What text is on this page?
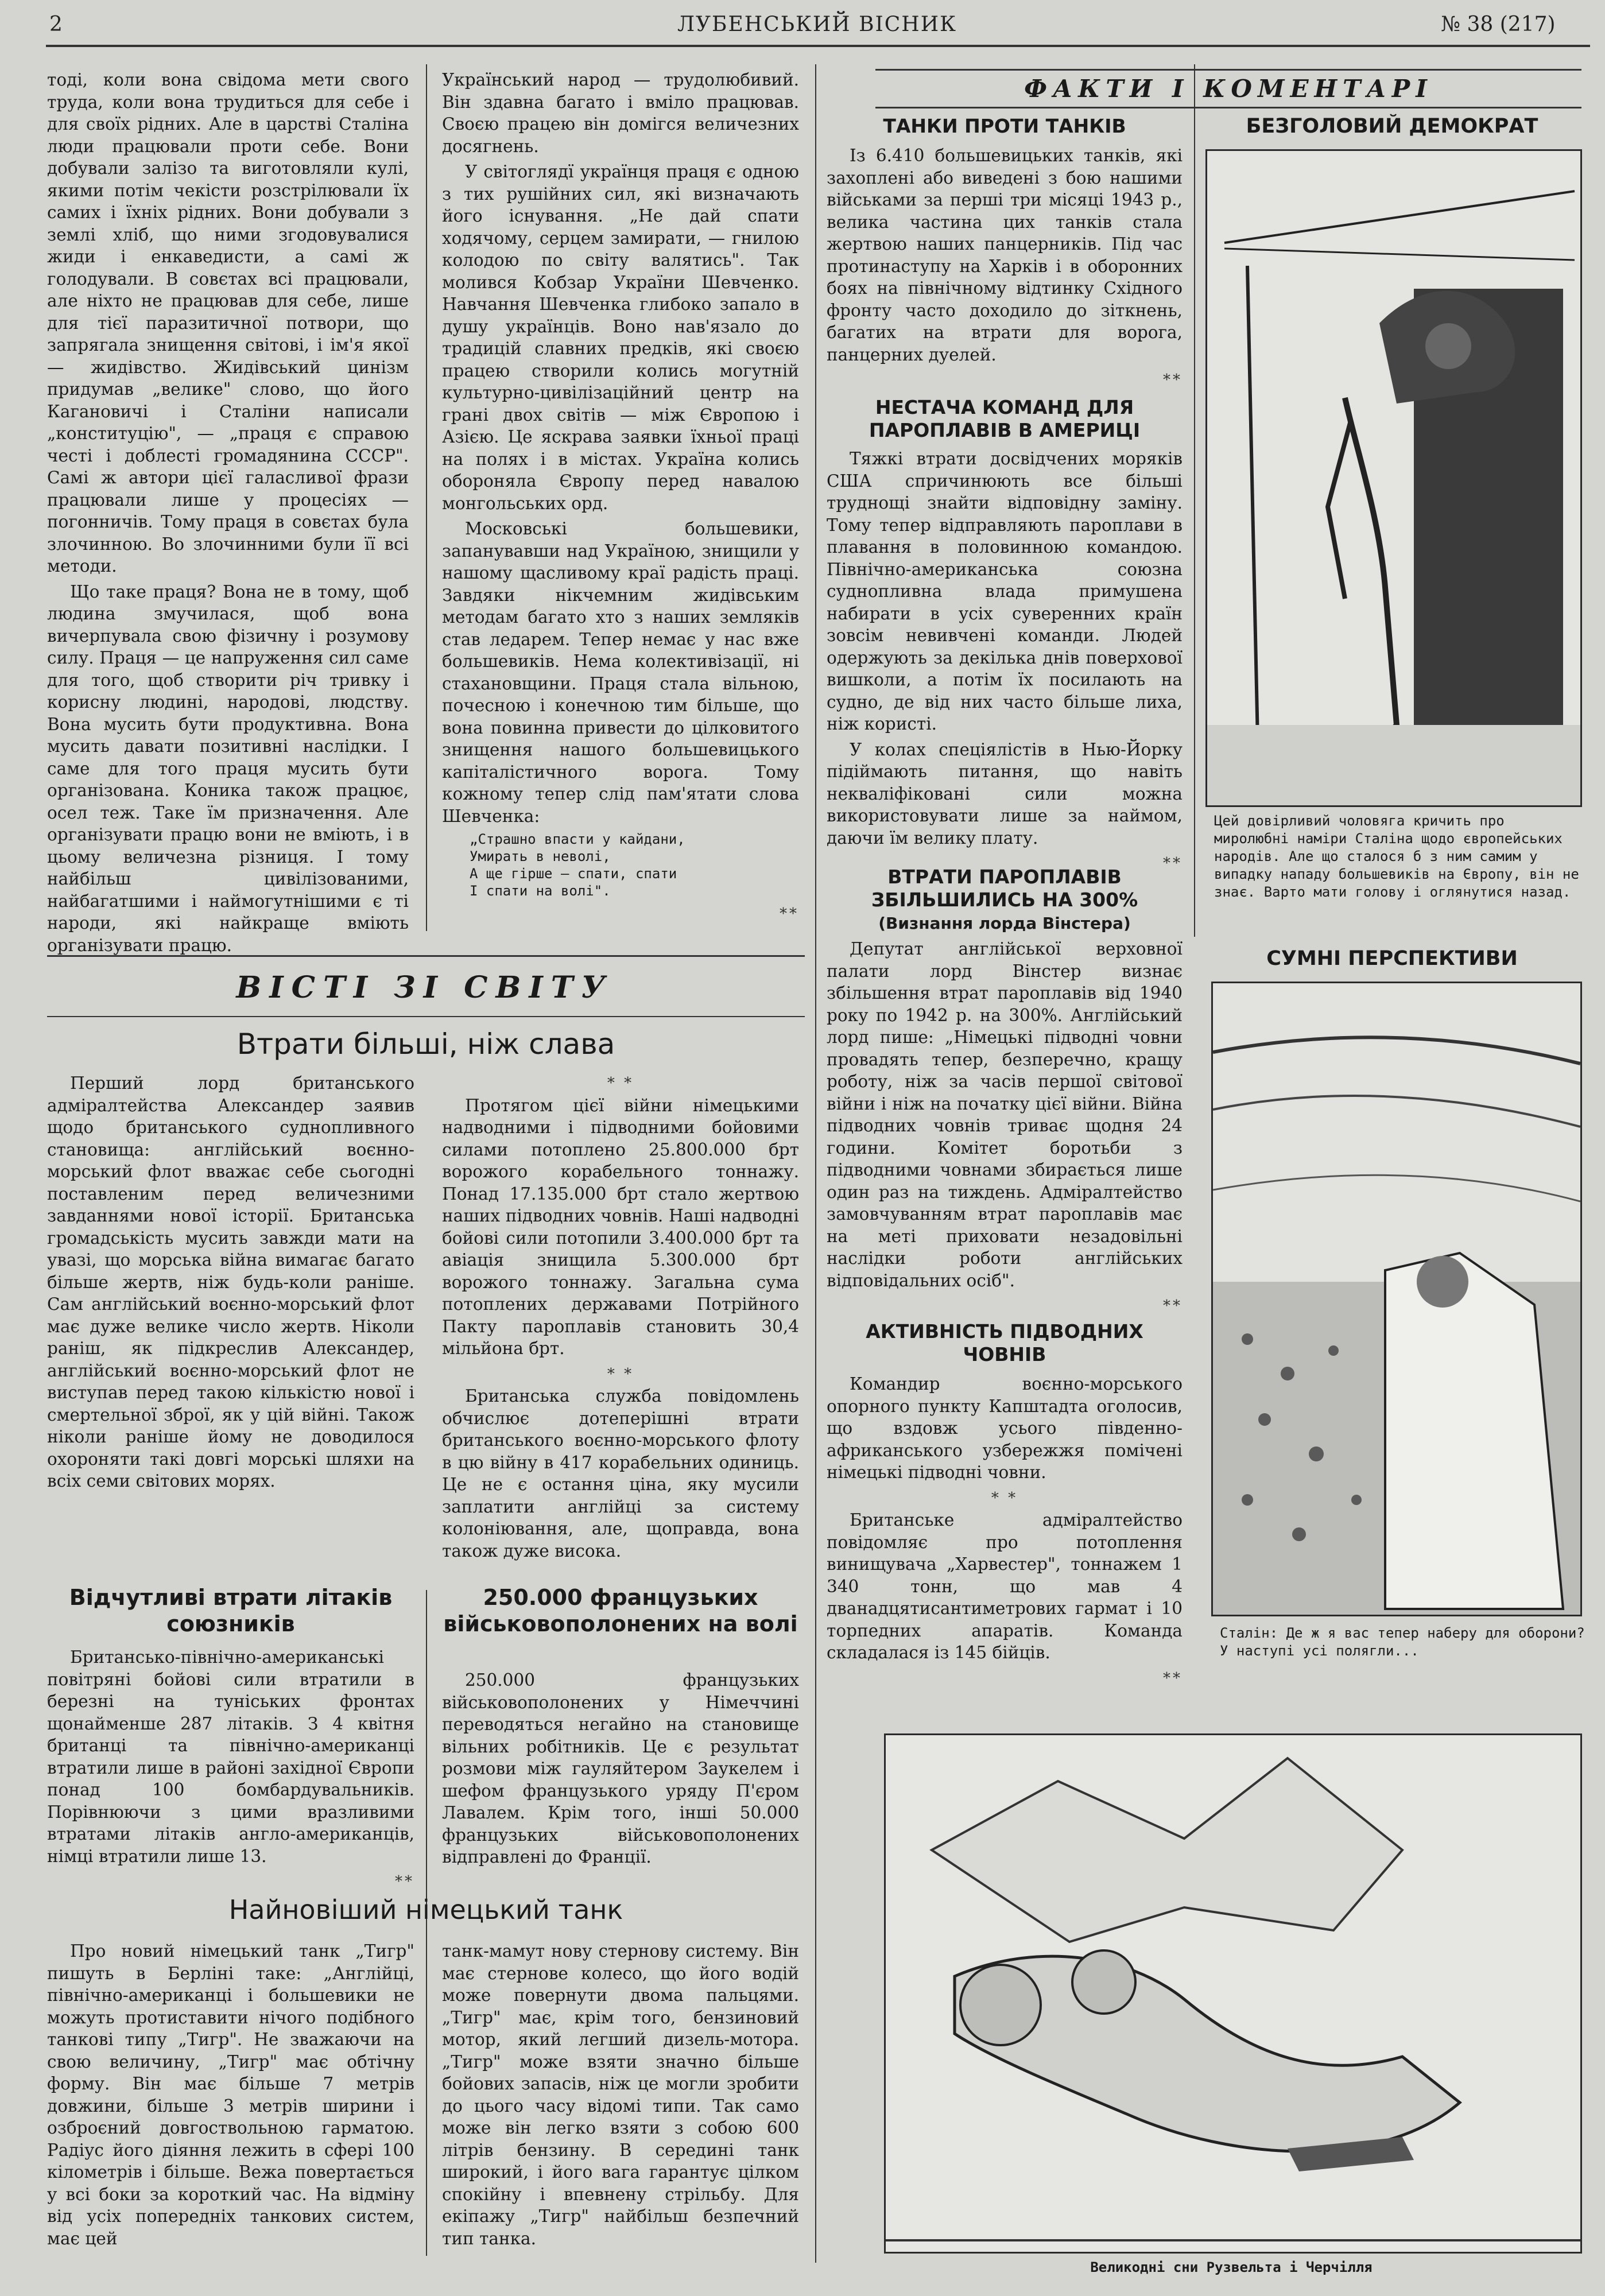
2	ЛУБЕНСЬКИЙ ВІСНИК	№ 38 (217)

тоді, коли вона свідома мети свого труда, коли вона трудиться для себе і для своїх рідних. Але в царстві Сталіна люди працювали проти себе. Вони добували залізо та виготовляли кулі, якими потім чекісти розстрілювали їх самих і їхніх рідних. Вони добували з землі хліб, що ними згодовувалися жиди і енкаведисти, а самі ж голодували. В совєтах всі працювали, але ніхто не працював для себе, лише для тієї паразитичної потвори, що запрягала знищення світові, і ім'я якої — жидівство. Жидівський цинізм придумав „велике" слово, що його Кагановичі і Сталіни написали „конституцію", — „праця є справою честі і доблесті громадянина СССР". Самі ж автори цієї галасливої фрази працювали лише у процесіях — погонничів. Тому праця в совєтах була злочинною. Во злочинними були її всі методи.

Що таке праця? Вона не в тому, щоб людина змучилася, щоб вона вичерпувала свою фізичну і розумову силу. Праця — це напруження сил саме для того, щоб створити річ тривку і корисну людині, народові, людству. Вона мусить бути продуктивна. Вона мусить давати позитивні наслідки. І саме для того праця мусить бути організована. Коника також працює, осел теж. Таке їм призначення. Але організувати працю вони не вміють, і в цьому величезна різниця. І тому найбільш цивілізованими, найбагатшими і наймогутнішими є ті народи, які найкраще вміють організувати працю.

Український народ — трудолюбивий. Він здавна багато і вміло працював. Своєю працею він домігся величезних досягнень.

У світоглядї українця праця є одною з тих рушійних сил, які визначають його існування. „Не дай спати ходячому, серцем замирати, — гнилою колодою по світу валятись". Так молився Кобзар України Шевченко. Навчання Шевченка глибоко запало в душу українців. Воно нав'язало до традицій славних предків, які своєю працею створили колись могутній культурно-цивілізаційний центр на грані двох світів — між Європою і Азією. Це яскрава заявки їхньої праці на полях і в містах. Україна колись обороняла Європу перед навалою монгольських орд.

Московські большевики, запанувавши над Україною, знищили у нашому щасливому краї радість праці. Завдяки нікчемним жидівським методам багато хто з наших земляків став ледарем. Тепер немає у нас вже большевиків. Нема колективізації, ні стахановщини. Праця стала вільною, почесною і конечною тим більше, що вона повинна привести до цілковитого знищення нашого большевицького капіталістичного ворога. Тому кожному тепер слід пам'ятати слова Шевченка:

„Страшно впасти у кайдани,
Умирать в неволі,
А ще гірше — спати, спати
І спати на волі".
**
ВІСТІ ЗІ СВІТУ
Втрати більші, ніж слава

Перший лорд британського адміралтейства Александер заявив щодо британського суднопливного становища: англійський воєнно-морський флот вважає себе сьогодні поставленим перед величезними завданнями нової історії. Британська громадськість мусить завжди мати на увазі, що морська війна вимагає багато більше жертв, ніж будь-коли раніше. Сам англійський воєнно-морський флот має дуже велике число жертв. Ніколи раніш, як підкреслив Александер, англійський воєнно-морський флот не виступав перед такою кількістю нової і смертельної зброї, як у цій війні. Також ніколи раніше йому не доводилося охороняти такі довгі морські шляхи на всіх семи світових морях.

* *

Протягом цієї війни німецькими надводними і підводними бойовими силами потоплено 25.800.000 брт ворожого корабельного тоннажу. Понад 17.135.000 брт стало жертвою наших підводних човнів. Наші надводні бойові сили потопили 3.400.000 брт та авіація знищила 5.300.000 брт ворожого тоннажу. Загальна сума потоплених державами Потрійного Пакту пароплавів становить 30,4 мільйона брт.

* *

Британська служба повідомлень обчислює дотеперішні втрати британського воєнно-морського флоту в цю війну в 417 корабельних одиниць. Це не є остання ціна, яку мусили заплатити англійці за систему колоніювання, але, щоправда, вона також дуже висока.

Відчутливі втрати літаків союзників

Британсько-північно-американські повітряні бойові сили втратили в березні на туніських фронтах щонайменше 287 літаків. З 4 квітня британці та північно-американці втратили лише в районі західної Європи понад 100 бомбардувальників. Порівнюючи з цими вразливими втратами літаків англо-американців, німці втратили лише 13.

**
250.000 французьких військовополонених на волі

250.000 французьких військовополонених у Німеччині переводяться негайно на становище вільних робітників. Це є результат розмови між гауляйтером Заукелем і шефом французького уряду П'єром Лавалем. Крім того, інші 50.000 французьких військовополонених відправлені до Франції.

Найновіший німецький танк

Про новий німецький танк „Тигр" пишуть в Берліні таке: „Англійці, північно-американці і большевики не можуть протиставити нічого подібного танкові типу „Тигр". Не зважаючи на свою величину, „Тигр" має обтічну форму. Він має більше 7 метрів довжини, більше 3 метрів ширини і озброєний довгоствольною гарматою. Радіус його діяння лежить в сфері 100 кілометрів і більше. Вежа повертається у всі боки за короткий час. На відміну від усіх попередніх танкових систем, має цей

танк-мамут нову стернову систему. Він має стернове колесо, що його водій може повернути двома пальцями. „Тигр" має, крім того, бензиновий мотор, який легший дизель-мотора. „Тигр" може взяти значно більше бойових запасів, ніж це могли зробити до цього часу відомі типи. Так само може він легко взяти з собою 600 літрів бензину. В середині танк широкий, і його вага гарантує цілком спокійну і впевнену стрільбу. Для екіпажу „Тигр" найбільш безпечний тип танка.

ФАКТИ І КОМЕНТАРІ
ТАНКИ ПРОТИ ТАНКІВ

Із 6.410 большевицьких танків, які захоплені або виведені з бою нашими військами за перші три місяці 1943 р., велика частина цих танків стала жертвою наших панцерників. Під час протинаступу на Харків і в оборонних боях на північному відтинку Східного фронту часто доходило до зіткнень, багатих на втрати для ворога, панцерних дуелей.

**
НЕСТАЧА КОМАНД ДЛЯ ПАРОПЛАВІВ В АМЕРИЦІ

Тяжкі втрати досвідчених моряків США спричинюють все більші труднощі знайти відповідну заміну. Тому тепер відправляють пароплави в плавання в половинною командою. Північно-американська союзна суднопливна влада примушена набирати в усіх суверенних країн зовсім невивчені команди. Людей одержують за декілька днів поверхової вишкoли, а потім їх посилають на судно, де від них часто більше лиха, ніж користі.

У колах спеціялістів в Нью-Йорку підіймають питання, що навіть некваліфіковані сили можна використовувати лише за наймом, даючи їм велику плату.

**
ВТРАТИ ПАРОПЛАВІВ ЗБІЛЬШИЛИСЬ НА 300%
(Визнання лорда Вінстера)

Депутат англійської верховної палати лорд Вінстер визнає збільшення втрат пароплавів від 1940 року по 1942 р. на 300%. Англійський лорд пише: „Німецькі підводні човни провадять тепер, безперечно, кращу роботу, ніж за часів першої світової війни і ніж на початку цієї війни. Війна підводних човнів триває щодня 24 години. Комітет боротьби з підводними човнами збирається лише один раз на тиждень. Адміралтейство замовчуванням втрат пароплавів має на меті приховати незадовільні наслідки роботи англійських відповідальних осіб".

**
АКТИВНІСТЬ ПІДВОДНИХ ЧОВНІВ

Командир воєнно-морського опорного пункту Капштадта оголосив, що вздовж усього південно-африканського узбережжя помічені німецькі підводні човни.

* *

Британське адміралтейство повідомляє про потоплення винищувача „Харвестер", тоннажем 1 340 тонн, що мав 4 дванадцятисантиметрових гармат і 10 торпедних апаратів. Команда складалася із 145 бійців.

**
БЕЗГОЛОВИЙ ДЕМОКРАТ
Цей довірливий чоловяга кричить про миролюбні наміри Сталіна щодо європейських народів. Але що сталося б з ним самим у випадку нападу большевиків на Європу, він не знає. Варто мати голову і оглянутися назад.
СУМНІ ПЕРСПЕКТИВИ
Сталін: Де ж я вас тепер наберу для оборони? У наступі усі полягли...
Великодні сни Рузвельта і Черчілля
